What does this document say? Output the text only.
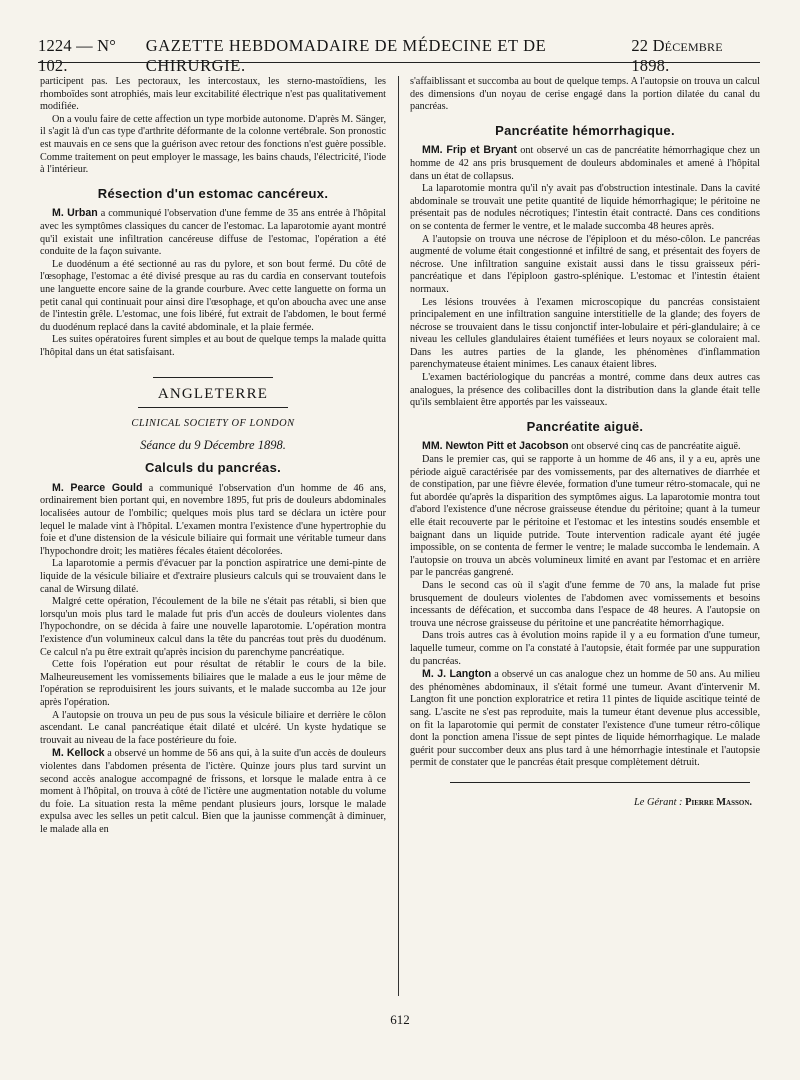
1224 — N° 102.
GAZETTE HEBDOMADAIRE DE MÉDECINE ET DE CHIRURGIE.
22 Décembre 1898.

participent pas. Les pectoraux, les intercostaux, les sterno-mastoïdiens, les rhomboïdes sont atrophiés, mais leur excitabilité électrique n'est pas qualitativement modifiée.

On a voulu faire de cette affection un type morbide autonome. D'après M. Sänger, il s'agit là d'un cas type d'arthrite déformante de la colonne vertébrale. Son pronostic est mauvais en ce sens que la guérison avec retour des fonctions n'est guère possible. Comme traitement on peut employer le massage, les bains chauds, l'électricité, l'iode à l'intérieur.

Résection d'un estomac cancéreux.

M. Urban a communiqué l'observation d'une femme de 35 ans entrée à l'hôpital avec les symptômes classiques du cancer de l'estomac. La laparotomie ayant montré qu'il existait une infiltration cancéreuse diffuse de l'estomac, l'opération a été conduite de la façon suivante.

Le duodénum a été sectionné au ras du pylore, et son bout fermé. Du côté de l'œsophage, l'estomac a été divisé presque au ras du cardia en conservant toutefois une languette encore saine de la grande courbure. Avec cette languette on forma un petit canal qui continuait pour ainsi dire l'œsophage, et qu'on aboucha avec une anse de l'intestin grêle. L'estomac, une fois libéré, fut extrait de l'abdomen, le bout fermé du duodénum replacé dans la cavité abdominale, et la plaie fermée.

Les suites opératoires furent simples et au bout de quelque temps la malade quitta l'hôpital dans un état satisfaisant.

ANGLETERRE
CLINICAL SOCIETY OF LONDON
Séance du 9 Décembre 1898.
Calculs du pancréas.

M. Pearce Gould a communiqué l'observation d'un homme de 46 ans, ordinairement bien portant qui, en novembre 1895, fut pris de douleurs abdominales localisées autour de l'ombilic; quelques mois plus tard se déclara un ictère pour lequel le malade vint à l'hôpital. L'examen montra l'existence d'une hypertrophie du foie et d'une distension de la vésicule biliaire qui formait une véritable tumeur dans l'hypochondre droit; les matières fécales étaient décolorées.

La laparotomie a permis d'évacuer par la ponction aspiratrice une demi-pinte de liquide de la vésicule biliaire et d'extraire plusieurs calculs qui se trouvaient dans le canal de Wirsung dilaté.

Malgré cette opération, l'écoulement de la bile ne s'était pas rétabli, si bien que lorsqu'un mois plus tard le malade fut pris d'un accès de douleurs violentes dans l'hypochondre, on se décida à faire une nouvelle laparotomie. L'opération montra l'existence d'un volumineux calcul dans la tête du pancréas tout près du duodénum. Ce calcul n'a pu être extrait qu'après incision du parenchyme pancréatique.

Cette fois l'opération eut pour résultat de rétablir le cours de la bile. Malheureusement les vomissements biliaires que le malade a eus le jour même de l'opération se reproduisirent les jours suivants, et le malade succomba au 12e jour après l'opération.

A l'autopsie on trouva un peu de pus sous la vésicule biliaire et derrière le côlon ascendant. Le canal pancréatique était dilaté et ulcéré. Un kyste hydatique se trouvait au niveau de la face postérieure du foie.

M. Kellock a observé un homme de 56 ans qui, à la suite d'un accès de douleurs violentes dans l'abdomen présenta de l'ictère. Quinze jours plus tard survint un second accès analogue accompagné de frissons, et lorsque le malade entra à ce moment à l'hôpital, on trouva à côté de l'ictère une augmentation notable du volume du foie. La situation resta la même pendant plusieurs jours, lorsque le malade expulsa avec les selles un petit calcul. Bien que la jaunisse commençât à diminuer, le malade alla en

s'affaiblissant et succomba au bout de quelque temps. A l'autopsie on trouva un calcul des dimensions d'un noyau de cerise engagé dans la portion dilatée du canal du pancréas.

Pancréatite hémorrhagique.

MM. Frip et Bryant ont observé un cas de pancréatite hémorrhagique chez un homme de 42 ans pris brusquement de douleurs abdominales et amené à l'hôpital dans un état de collapsus.

La laparotomie montra qu'il n'y avait pas d'obstruction intestinale. Dans la cavité abdominale se trouvait une petite quantité de liquide hémorrhagique; le péritoine ne présentait pas de nodules nécrotiques; l'intestin était contracté. Dans ces conditions on se contenta de fermer le ventre, et le malade succomba 48 heures après.

A l'autopsie on trouva une nécrose de l'épiploon et du méso-côlon. Le pancréas augmenté de volume était congestionné et infiltré de sang, et présentait des foyers de nécrose. Une infiltration sanguine existait aussi dans le tissu graisseux péri-pancréatique et dans l'épiploon gastro-splénique. L'estomac et l'intestin étaient normaux.

Les lésions trouvées à l'examen microscopique du pancréas consistaient principalement en une infiltration sanguine interstitielle de la glande; des foyers de nécrose se trouvaient dans le tissu conjonctif inter-lobulaire et péri-glandulaire; à ce niveau les cellules glandulaires étaient tuméfiées et leurs noyaux se coloraient mal. Dans les autres parties de la glande, les phénomènes d'inflammation parenchymateuse étaient minimes. Les canaux étaient libres.

L'examen bactériologique du pancréas a montré, comme dans deux autres cas analogues, la présence des colibacilles dont la distribution dans la glande était telle qu'ils semblaient être apportés par les vaisseaux.

Pancréatite aiguë.

MM. Newton Pitt et Jacobson ont observé cinq cas de pancréatite aiguë.

Dans le premier cas, qui se rapporte à un homme de 46 ans, il y a eu, après une période aiguë caractérisée par des vomissements, par des alternatives de diarrhée et de constipation, par une fièvre élevée, formation d'une tumeur rétro-stomacale, qui ne fut abordée qu'après la disparition des symptômes aigus. La laparotomie montra tout d'abord l'existence d'une nécrose graisseuse étendue du péritoine; quant à la tumeur elle était recouverte par le péritoine et l'estomac et les intestins soudés ensemble et baignant dans un liquide putride. Toute intervention radicale ayant été jugée impossible, on se contenta de fermer le ventre; le malade succomba le lendemain. A l'autopsie on trouva un abcès volumineux limité en avant par l'estomac et en arrière par le pancréas gangrené.

Dans le second cas où il s'agit d'une femme de 70 ans, la malade fut prise brusquement de douleurs violentes de l'abdomen avec vomissements et besoins incessants de défécation, et succomba dans l'espace de 48 heures. A l'autopsie on trouva une nécrose graisseuse du péritoine et une pancréatite hémorrhagique.

Dans trois autres cas à évolution moins rapide il y a eu formation d'une tumeur, laquelle tumeur, comme on l'a constaté à l'autopsie, était formée par une suppuration du pancréas.

M. J. Langton a observé un cas analogue chez un homme de 50 ans. Au milieu des phénomènes abdominaux, il s'était formé une tumeur. Avant d'intervenir M. Langton fit une ponction exploratrice et retira 11 pintes de liquide ascitique teinté de sang. L'ascite ne s'est pas reproduite, mais la tumeur étant devenue plus accessible, on fit la laparotomie qui permit de constater l'existence d'une tumeur rétro-côlique dont la ponction amena l'issue de sept pintes de liquide hémorrhagique. Le malade guérit pour succomber deux ans plus tard à une hémorrhagie intestinale et l'autopsie permit de constater que le pancréas était presque complètement détruit.

Le Gérant : Pierre Masson.
612
